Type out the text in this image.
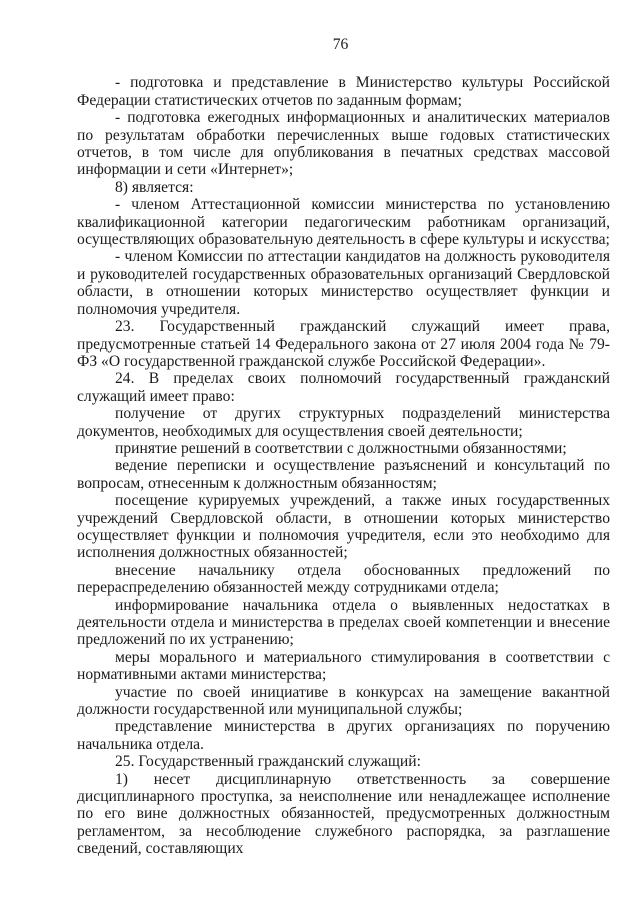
76

- подготовка и представление в Министерство культуры Российской Федерации статистических отчетов по заданным формам;

- подготовка ежегодных информационных и аналитических материалов по результатам обработки перечисленных выше годовых статистических отчетов, в том числе для опубликования в печатных средствах массовой информации и сети «Интернет»;

8) является:

- членом Аттестационной комиссии министерства по установлению квалификационной категории педагогическим работникам организаций, осуществляющих образовательную деятельность в сфере культуры и искусства;

- членом Комиссии по аттестации кандидатов на должность руководителя и руководителей государственных образовательных организаций Свердловской области, в отношении которых министерство осуществляет функции и полномочия учредителя.

23. Государственный гражданский служащий имеет права, предусмотренные статьей 14 Федерального закона от 27 июля 2004 года № 79-ФЗ «О государственной гражданской службе Российской Федерации».

24. В пределах своих полномочий государственный гражданский служащий имеет право:

получение от других структурных подразделений министерства документов, необходимых для осуществления своей деятельности;

принятие решений в соответствии с должностными обязанностями;

ведение переписки и осуществление разъяснений и консультаций по вопросам, отнесенным к должностным обязанностям;

посещение курируемых учреждений, а также иных государственных учреждений Свердловской области, в отношении которых министерство осуществляет функции и полномочия учредителя, если это необходимо для исполнения должностных обязанностей;

внесение начальнику отдела обоснованных предложений по перераспределению обязанностей между сотрудниками отдела;

информирование начальника отдела о выявленных недостатках в деятельности отдела и министерства в пределах своей компетенции и внесение предложений по их устранению;

меры морального и материального стимулирования в соответствии с нормативными актами министерства;

участие по своей инициативе в конкурсах на замещение вакантной должности государственной или муниципальной службы;

представление министерства в других организациях по поручению начальника отдела.

25. Государственный гражданский служащий:

1) несет дисциплинарную ответственность за совершение дисциплинарного проступка, за неисполнение или ненадлежащее исполнение по его вине должностных обязанностей, предусмотренных должностным регламентом, за несоблюдение служебного распорядка, за разглашение сведений, составляющих
